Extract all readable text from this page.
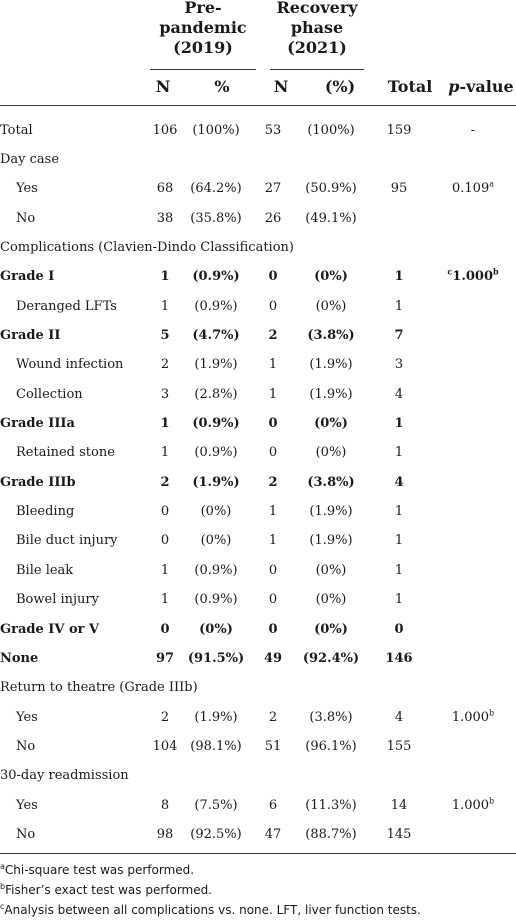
Pre-
pandemic
(2019)
Recovery
phase
(2021)
N	%	N	(%)	Total	p-value
Total	106	(100%)	53	(100%)	159	-
Day case						
Yes	68	(64.2%)	27	(50.9%)	95	0.109$^a$
No	38	(35.8%)	26	(49.1%)		
Complications (Clavien-Dindo Classification)						
Grade I	1	(0.9%)	0	(0%)	1	$^c$1.000$^b$
Deranged LFTs	1	(0.9%)	0	(0%)	1	
Grade II	5	(4.7%)	2	(3.8%)	7	
Wound infection	2	(1.9%)	1	(1.9%)	3	
Collection	3	(2.8%)	1	(1.9%)	4	
Grade IIIa	1	(0.9%)	0	(0%)	1	
Retained stone	1	(0.9%)	0	(0%)	1	
Grade IIIb	2	(1.9%)	2	(3.8%)	4	
Bleeding	0	(0%)	1	(1.9%)	1	
Bile duct injury	0	(0%)	1	(1.9%)	1	
Bile leak	1	(0.9%)	0	(0%)	1	
Bowel injury	1	(0.9%)	0	(0%)	1	
Grade IV or V	0	(0%)	0	(0%)	0	
None	97	(91.5%)	49	(92.4%)	146	
Return to theatre (Grade IIIb)						
Yes	2	(1.9%)	2	(3.8%)	4	1.000$^b$
No	104	(98.1%)	51	(96.1%)	155	
30-day readmission						
Yes	8	(7.5%)	6	(11.3%)	14	1.000$^b$
No	98	(92.5%)	47	(88.7%)	145	
$^a$Chi-square test was performed.
$^b$Fisher’s exact test was performed.
$^c$Analysis between all complications vs. none. LFT, liver function tests.
